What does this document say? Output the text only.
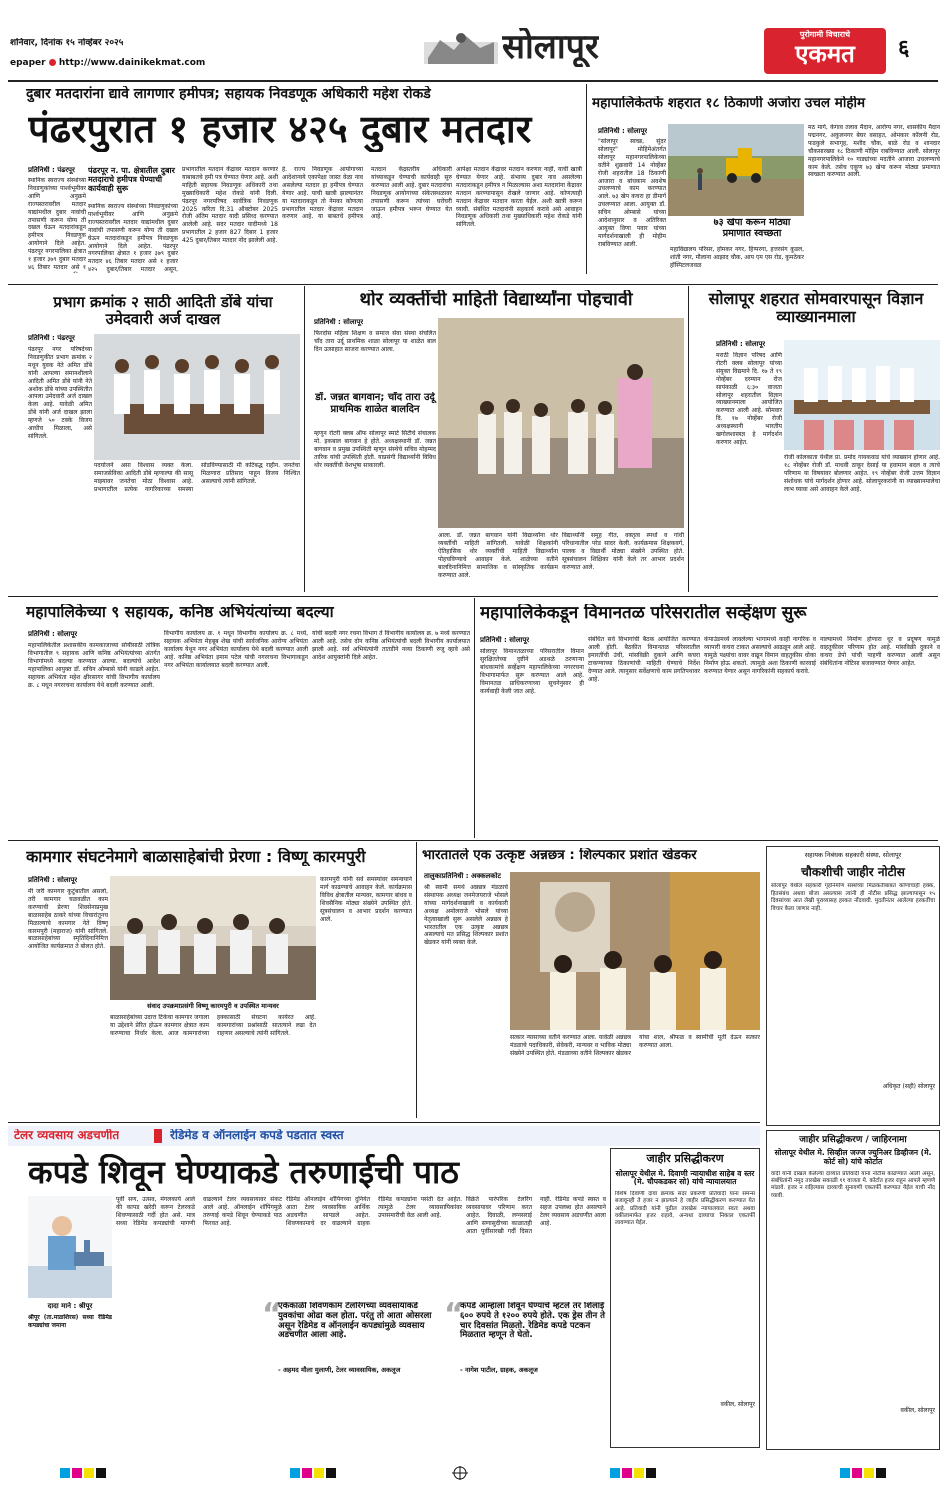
शनिवार, दिनांक १५ नोव्हेंबर २०२५
epaper http://www.dainikekmat.com	सोलापूर	पुरोगामी विचाराचे
एकमत	६
दुबार मतदारांना द्यावे लागणार हमीपत्र; सहायक निवडणूक अधिकारी महेश रोकडे
पंढरपुरात १ हजार ४२५ दुबार मतदार
प्रतिनिधी : पंढरपूर
स्थानिक स्वराज्य संस्थांच्या निवडणुकांच्या पार्श्वभूमीवर आणि अनुक्रमे राज्यस्तरावरील मतदार याद्यांमधील दुबार नावांची तपासणी करून योग्य ती दखल घेऊन मतदारांकडून हमीपत्र निवडणूक आयोगाने दिले आहेत. पंढरपूर नगरपालिका क्षेत्रात १ हजार ३७९ दुबार मतदार ४६ तिबार मतदार असे १
पंढरपूर न. पा. क्षेत्रातील दुबार मतदाराचे हमीपत्र घेण्याची कार्यवाही सुरू
स्थानिक स्वराज्य संस्थांच्या निवडणुकांच्या पार्श्वभूमीवर आणि अनुक्रमे राज्यस्तरावरील मतदार याद्यांमधील दुबार नावांची तपासणी करून योग्य ती दखल घेऊन मतदारांकडून हमीपत्र निवडणूक आयोगाने दिले आहेत. पंढरपूर नगरपालिका क्षेत्रात १ हजार ३७९ दुबार मतदार ४६ तिबार मतदार असे १ हजार ४२५ दुबार/तिबार मतदार असून,
प्रभागातील मतदान केंद्रावर मतदान करणार याबाबतचे हमी पत्र घेण्यात येणार आहे. अशी माहिती सहायक निवडणूक अधिकारी तथा मुख्याधिकारी महेश रोकडे यांनी दिली. पंढरपूर नगरपरिषद सार्वत्रिक निवडणूक 2025 करिता दि.31 ऑक्टोबर 2025 रोजी अंतिम मतदार यादी प्रसिध्द करण्यात आलेली आहे. सदर मतदार यादीमध्ये 18 प्रभागातील 2 हजार 827 दिबार 1 हजार 425 दुबार/तिबार मतदार नोंद झालेली आहे.
हे. राज्य निवडणूक आयोगाच्या आदेशान्वये एकापेक्षा जास्त वेळा नाव असलेल्या मतदार हा हमीपत्र घेण्यात येणार आहे. याची खात्री झाल्यानंतर या मतदाराकडून तो नेमका कोणत्या प्रभागातील मतदार केंद्रावर मतदान करणार आहे. या बाबतचे हमीपत्र मतदान केंद्रस्तरीय अधिकारी यांच्याकडून घेण्याची कार्यवाही सुरु करण्यात आली आहे. दुबार मतदारांचा निवडणूक आयोगाच्या संकेतस्थळावर तपासणी करून त्यांच्या घरोघरी जाऊन हमीपत्र भरून घेण्यात येत आहे.
आपेक्षा मतदान केंद्रावर मतदान करणार नाही, याची खात्री घेण्यात येणार आहे. संभाव्य दुबार नाव असलेल्या मतदाराकडून हमीपत्र न मिळाल्यास अशा मतदारांना केंद्रावर मतदान करण्यापासून रोखले जाणार आहे. कोणत्याही मतदान केंद्रावर मतदान करता येईल. अशी खात्री करून घ्यावी. संबंधित मतदारांनी सहकार्य करावे असे आवाहन निवडणूक अधिकारी तथा मुख्याधिकारी महेश रोकडे यांनी सांगितले.
महापालिकेतर्फे शहरात १८ ठिकाणी अजोरा उचल मोहीम
प्रतिनिधी : सोलापूर
"सोलापूर स्वच्छ, सुंदर सोलापूर" मोहिमेअंतर्गत सोलापूर महानगरपालिकेच्या वतीने शुक्रवारी 14 नोव्हेंबर रोजी शहरातील 18 ठिकाणी आजारा व बांधकाम अवशेष उचलण्याचे काम करण्यात आले. ७३ खेप कचरा हा डीमार्ग उचलण्यात आला. आयुक्त डॉ. सचिन ओम्बासे यांच्या आदेशानुसार व अतिरिक्त आयुक्त विणा पवार यांच्या मार्गदर्शनाखाली ही मोहीम राबविण्यात आली.
७३ खेपा करून मोठ्या प्रमाणात स्वच्छता
महाविद्यालय परिसर, होमकर नगर, हिप्परगा, हत्तरसंग कुडल, शांती नगर, मौलाना आझाद चौक, आय एम एस रोड, कुमठेकर हॉस्पिटलजवळ
मठ मार्ग, केगाव तलाव मैदान, आरोग्य नगर, शासकीय मैदान पद्मनगर, अकुलनगर बेघर वसाहत, ओमकार कॉलनी रोड, फडकुले सभागृह, मशीद चौक, बाळे रोड व शानदार चौकसारख्या १८ ठिकाणी मोहिम राबविण्यात आली. सोलापूर महानगरपालिकेने १० गाड्यांच्या मदतीने आजारा उचलण्याचे काम केले. तसेच एकूण ७३ खेपा करून मोठ्या प्रमाणात स्वच्छता करण्यात आली.
प्रभाग क्रमांक २ साठी आदिती डोंबे यांचा उमेदवारी अर्ज दाखल
प्रतिनिधी : पंढरपूर
पंढरपूर नगर परिषदेच्या निवडणुकीत प्रभाग क्रमांक २ मधून युवक नेते अमित डोंबे यांनी आपल्या समानशीलाने आदिती अमित डोंबे यांनी नेते अशोक डोंबे यांच्या उपस्थितीत आपला उमेदवारी अर्ज दाखल केला आहे. यावेळी अमित डोंबे यांनी अर्ज दाखल झाला म्हणजे ५० टक्के विजय आधीच मिळाला, असे सांगितले.
पदयोजने असा विश्वास व्यक्त केला. समाजसेविका आदिती डोंबे म्हणाल्या की सासू माझ्यावर जनतेचा मोठा विश्वास आहे. प्रभागातील प्रत्येक नागरिकाच्या समस्या सोडविण्यासाठी मी कटिबद्ध राहीन. जनतेचा मिळणारा प्रतिसाद पाहून विजय निश्चित असल्याचे त्यांनी सांगितले.
थोर व्यक्तींची माहिती विद्यार्थ्यांना पोहचावी
प्रतिनिधी : सोलापूर
फिरदोस महिला शिक्षण व समाज सेवा संस्था संचलित चाँद तारा उर्दू प्राथमिक शाळा सोलापूर या शाळेत बाल दिन उत्साहात साजरा करण्यात आला.
डॉ. जन्नत बागवान; चाँद तारा उर्दू प्राथमिक शाळेत बालदिन
म्हणून रोटरी क्लब ऑफ सोलापूर स्मार्ट सिटीचे संचालक मो. इकबाल बागवान हे होते. अध्यक्षस्थानी डॉ. जन्नत बागवान व प्रमुख उपस्थिती म्हणून संस्थेचे सचिव मोहम्मद तारिक यांची उपस्थिती होती. याप्रसंगी विद्यार्थ्यांनी विविध थोर व्यक्तींची वेशभूषा साकारली.
आला. डॉ. जन्नत बागवान यांनी विद्यार्थ्यांना थोर व्यक्तींची माहिती सांगितली. यावेळी शिक्षकांनी ऐतिहासिक थोर व्यक्तींची माहिती विद्यार्थ्यांना पोहचविण्याचे आवाहन केले. शाळेच्या वतीने बालदिनानिमित्त सामाजिक व सांस्कृतिक कार्यक्रम करण्यात आले.
विद्यार्थ्यांनी समूह गीत, वक्तृत्व स्पर्धा व गांधी परिधानातील परेड सादर केली. कार्यक्रमास शिक्षकवर्ग, पालक व विद्यार्थी मोठ्या संख्येने उपस्थित होते. सूत्रसंचालन शिक्षिका यांनी केले तर आभार प्रदर्शन करण्यात आले.
सोलापूर शहरात सोमवारपासून विज्ञान व्याख्यानमाला
प्रतिनिधी : सोलापूर
मराठी विज्ञान परिषद आणि रोटरी क्लब सोलापूर यांच्या संयुक्त विद्यमाने दि. १७ ते १९ नोव्हेंबर दरम्यान रोज सायंकाळी ६:३० वाजता सोलापूर शहरातील विज्ञान व्याख्यानमाला आयोजित करण्यात आली आहे. सोमवार दि. १७ नोव्हेंबर रोजी अध्यक्षस्थानी भारतीय खगोलशास्त्रज्ञ हे मार्गदर्शन करणार आहेत.
रोजी कोलकाता येथील प्रा. प्रमोद गायकवाड यांचे व्याख्यान होणार आहे. १८ नोव्हेंबर रोजी डॉ. माधवी ठाकूर देसाई या हवामान बदल व त्याचे परिणाम या विषयावर बोलणार आहेत. १९ नोव्हेंबर रोजी उत्तम विज्ञान संशोधक यांचे मार्गदर्शन होणार आहे. सोलापूरकरांनी या व्याख्यानमालेचा लाभ घ्यावा असे आवाहन केले आहे.
महापालिकेच्या ९ सहायक, कनिष्ठ अभियंत्यांच्या बदल्या
प्रतिनिधी : सोलापूर
महापालिकेतील प्रशासकीय कामकाजाच्या सोयीसाठी तांत्रिक विभागातील ९ सहायक आणि कनिष्ठ अभियंत्यांच्या अंतर्गत विभागांमध्ये बदल्या करण्यात आल्या. बदल्यांचे आदेश महापालिका आयुक्त डॉ. सचिन ओम्बासे यांनी काढले आहेत. सहायक अभियंता महेश क्षीरसागर यांची विभागीय कार्यालय क्र. ८ मधून नगररचना कार्यालय येथे बदली करण्यात आली.
विभागीय कार्यालय क्र. १ मधून विभागीय कार्यालय क्र. ८ मध्ये, सहायक अभियंता मेहबूब शेख यांची सार्वजनिक आरोग्य अभियंता कार्यालय येथून नगर अभियंता कार्यालय येथे बदली करण्यात आली आहे. कनिष्ठ अभियंता इमाम पटेल यांची नगररचना विभागाकडून नगर अभियंता कार्यालयात बदली करण्यात आली.
यांची बदली नगर रचना विभाग ते विभागीय कार्यालय क्र. ७ मध्ये करण्यात आली आहे. तसेच दोन कनिष्ठ अभियंत्यांची बदली विभागीय कार्यालयात झाली आहे. सर्व अभियंत्यांनी तातडीने नव्या ठिकाणी रुजू व्हावे असे आदेश आयुक्तांनी दिले आहेत.
महापालिकेकडून विमानतळ परिसरातील सर्व्हेक्षण सुरू
प्रतिनिधी : सोलापूर
सोलापूर विमानतळाच्या परिसरातील विमान सुरक्षिततेच्या दृष्टीने अडथळे ठरणाऱ्या बांधकामांचे सर्व्हेक्षण महापालिकेच्या नगररचना विभागामार्फत सुरू करण्यात आले आहे. विमानतळ प्राधिकरणाच्या सूचनेनुसार ही कार्यवाही केली जात आहे.
संबंधित सर्व विभागांची बैठक आयोजित करण्यात आली होती. बैठकीत विमानतळ परिसरातील इमारतींची उंची, मांसविक्री दुकाने आणि कचरा टाकण्याच्या ठिकाणांची माहिती घेण्याचे निर्देश देण्यात आले. त्यानुसार सर्वेक्षणाचे काम प्रगतिपथावर आहे.
कंपाउंडमध्ये लावलेल्या भागामध्ये काही नागरिक व व्यापारी कचरा टाकत असल्याचे आढळून आले आहे. यामुळे पक्ष्यांचा वावर वाढून विमान वाहतुकीस धोका निर्माण होऊ शकतो. त्यामुळे अशा ठिकाणी कारवाई करण्यात येणार असून नागरिकांनी सहकार्य करावे.
नाल्यामध्ये निर्माण होणारा धूर व प्रदूषण यामुळे वाहतुकीवर परिणाम होत आहे. मांसविक्री दुकाने व कचरा डेपो यांची पाहणी करण्यात आली असून संबंधितांना नोटिसा बजावण्यात येणार आहेत.
कामगार संघटनेमागे बाळासाहेबांची प्रेरणा : विष्णू कारमपुरी
प्रतिनिधी : सोलापूर
मी जरी कामगार कुटुंबातील असलो, तरी कामगार चळवळीत काम करण्याची प्रेरणा शिवसेनाप्रमुख बाळासाहेब ठाकरे यांच्या विचारांतूनच मिळाल्याचे कामगार नेते विष्णू कारमपुरी (महाराज) यांनी सांगितले. बाळासाहेबांच्या स्मृतिदिनानिमित्त आयोजित कार्यक्रमात ते बोलत होते.
संवाद उपक्रमाप्रसंगी विष्णू कारमपुरी व उपस्थित मान्यवर
बाळासाहेबांच्या उदात्त टिकेचा कामगार जगाला या उद्देशाने प्रेरित होऊन कामगार क्षेत्रात काम करण्याचा निर्धार केला. आज कामगारांच्या हक्कासाठी संघटना कार्यरत आहे. कामगारांच्या प्रश्नांसाठी सातत्याने लढा देत राहणार असल्याचे त्यांनी सांगितले.
कारमपुरी यांनी सर्व समस्यांवर समन्वयाने मार्ग काढण्याचे आवाहन केले. कार्यक्रमास विविध क्षेत्रातील मान्यवर, कामगार बांधव व शिवसैनिक मोठ्या संख्येने उपस्थित होते. सूत्रसंचालन व आभार प्रदर्शन करण्यात आले.
भारतातले एक उत्कृष्ट अन्नछत्र : शिल्पकार प्रशांत खेडकर
तालुकाप्रतिनिधी : अक्कलकोट
श्री स्वामी समर्थ अन्नछत्र मंडळाचे संस्थापक अध्यक्ष जनमेजयराजे भोसले यांच्या मार्गदर्शनाखाली व कार्यकारी अध्यक्ष अमोलराजे भोसले यांच्या नेतृत्वाखाली सुरू असलेले अन्नछत्र हे भारतातील एक उत्कृष्ट अन्नछत्र असल्याचे मत प्रसिद्ध शिल्पकार प्रशांत खेडकर यांनी व्यक्त केले.
सत्कार न्यासाच्या वतीने करण्यात आला. यावेळी अन्नछत्र मंडळाचे पदाधिकारी, सेवेकरी, मान्यवर व भाविक मोठ्या संख्येने उपस्थित होते. मंडळाच्या वतीने शिल्पकार खेडकर यांचा शाल, श्रीफळ व स्वामींची मूर्ती देऊन सत्कार करण्यात आला.
सहायक निबंधक सहकारी संस्था, सोलापूर
चौकशीची जाहीर नोटीस
सोलापूर येथील सहकारी गृहनिर्माण संस्थेच्या मिळकतीबाबत कोणाचाही हक्क, हितसंबंध अथवा बोजा असल्यास त्यांनी ही नोटीस प्रसिद्ध झाल्यापासून १५ दिवसांच्या आत लेखी पुराव्यासह हरकत नोंदवावी. मुदतीनंतर आलेल्या हरकतींचा विचार केला जाणार नाही.
अधिकृत (सही) सोलापूर
टेलर व्यवसाय अडचणीत	रेडिमेड व ऑनलाईन कपडे पडतात स्वस्त
कपडे शिवून घेण्याकडे तरुणाईची पाठ
दादा माने : श्रीपूर
श्रीपूर (ता.माळशिरस) सध्या रेडिमेड कपड्यांचा जमाना
पूर्वी सण, उत्सव, मंगलकार्य आले की कापड खरेदी करून टेलरकडे शिवण्यासाठी गर्दी होत असे. मात्र सध्या रेडिमेड कपड्यांची मागणी वाढल्याने टेलर व्यवसायावर संकट आले आहे. ऑनलाईन शॉपिंगमुळे तरुणाई कपडे शिवून घेण्याकडे पाठ फिरवत आहे.
रेडिमेड ऑनलाईन शॉपिंगच्या दुनियेत आता टेलर व्यवसायिक आर्थिक अडचणीत सापडले आहेत. शिवणकामाचे दर वाढल्याने ग्राहक रेडिमेड कपड्यांना पसंती देत आहेत. त्यामुळे टेलर व्यावसायिकांवर उपासमारीची वेळ आली आहे.
विक्रेते पारंपरिक टेलरिंग व्यवसायावर परिणाम करत आहेत. दिवाळी, लग्नसराई आणि सणासुदीच्या काळातही आता पूर्वीसारखी गर्दी दिसत नाही. रेडिमेड कपडे स्वस्त व सहज उपलब्ध होत असल्याने टेलर व्यवसाय अडचणीत आला आहे.
“
एकेकाळी शिवणकाम टेलरिंगच्या व्यवसायाकडे युवकांचा ओढा कल होता. परंतु तो आता ओसरला असून रेडिमेड व ऑनलाईन कपड्यांमुळे व्यवसाय अडचणीत आला आहे.
- अहमद मौला मुलाणी, टेलर व्यावसायिक, अकलूज
“
कपडे आम्हाला शिवून घेण्याचे म्हटले तर शिलाई ६०० रुपये ते १२०० रुपये होते. एक ड्रेस तीन ते चार दिवसांत मिळतो. रेडिमेड कपडे पटकन मिळतात म्हणून ते घेतो.
- नागेश पाटील, ग्राहक, अकलूज
जाहीर प्रसिद्धीकरण
सोलापूर येथील मे. दिवाणी न्यायाधीश साहेब व स्तर (मे. चौपकडकर सो) यांचे न्यायालयात
विशेष दिवाणी दावा क्रमांक सदर प्रकरणी प्रतिवादी यांना समन्स बजावूनही ते हजर न झाल्याने हे जाहीर प्रसिद्धीकरण करण्यात येत आहे. प्रतिवादी यांनी पुढील तारखेस न्यायालयात स्वतः अथवा वकीलामार्फत हजर राहावे, अन्यथा दाव्याचा निकाल एकतर्फी लावण्यात येईल.
वकील, सोलापूर
जाहीर प्रसिद्धीकरण / जाहिरनामा
सोलापूर येथील मे. सिव्हील जज्ज ज्युनिअर डिव्हीजन (मे. कोर्ट सो) यांचे कोर्टात
वादी यांनी दाखल केलेल्या दाव्यात प्रतिवादी यांना नोटीस काढण्यात आली असून, संबंधितांनी नमूद तारखेस सकाळी ११ वाजता मे. कोर्टात हजर राहून आपले म्हणणे मांडावे. हजर न राहिल्यास दाव्याची सुनावणी एकतर्फी करण्यात येईल याची नोंद घ्यावी.
वकील, सोलापूर
